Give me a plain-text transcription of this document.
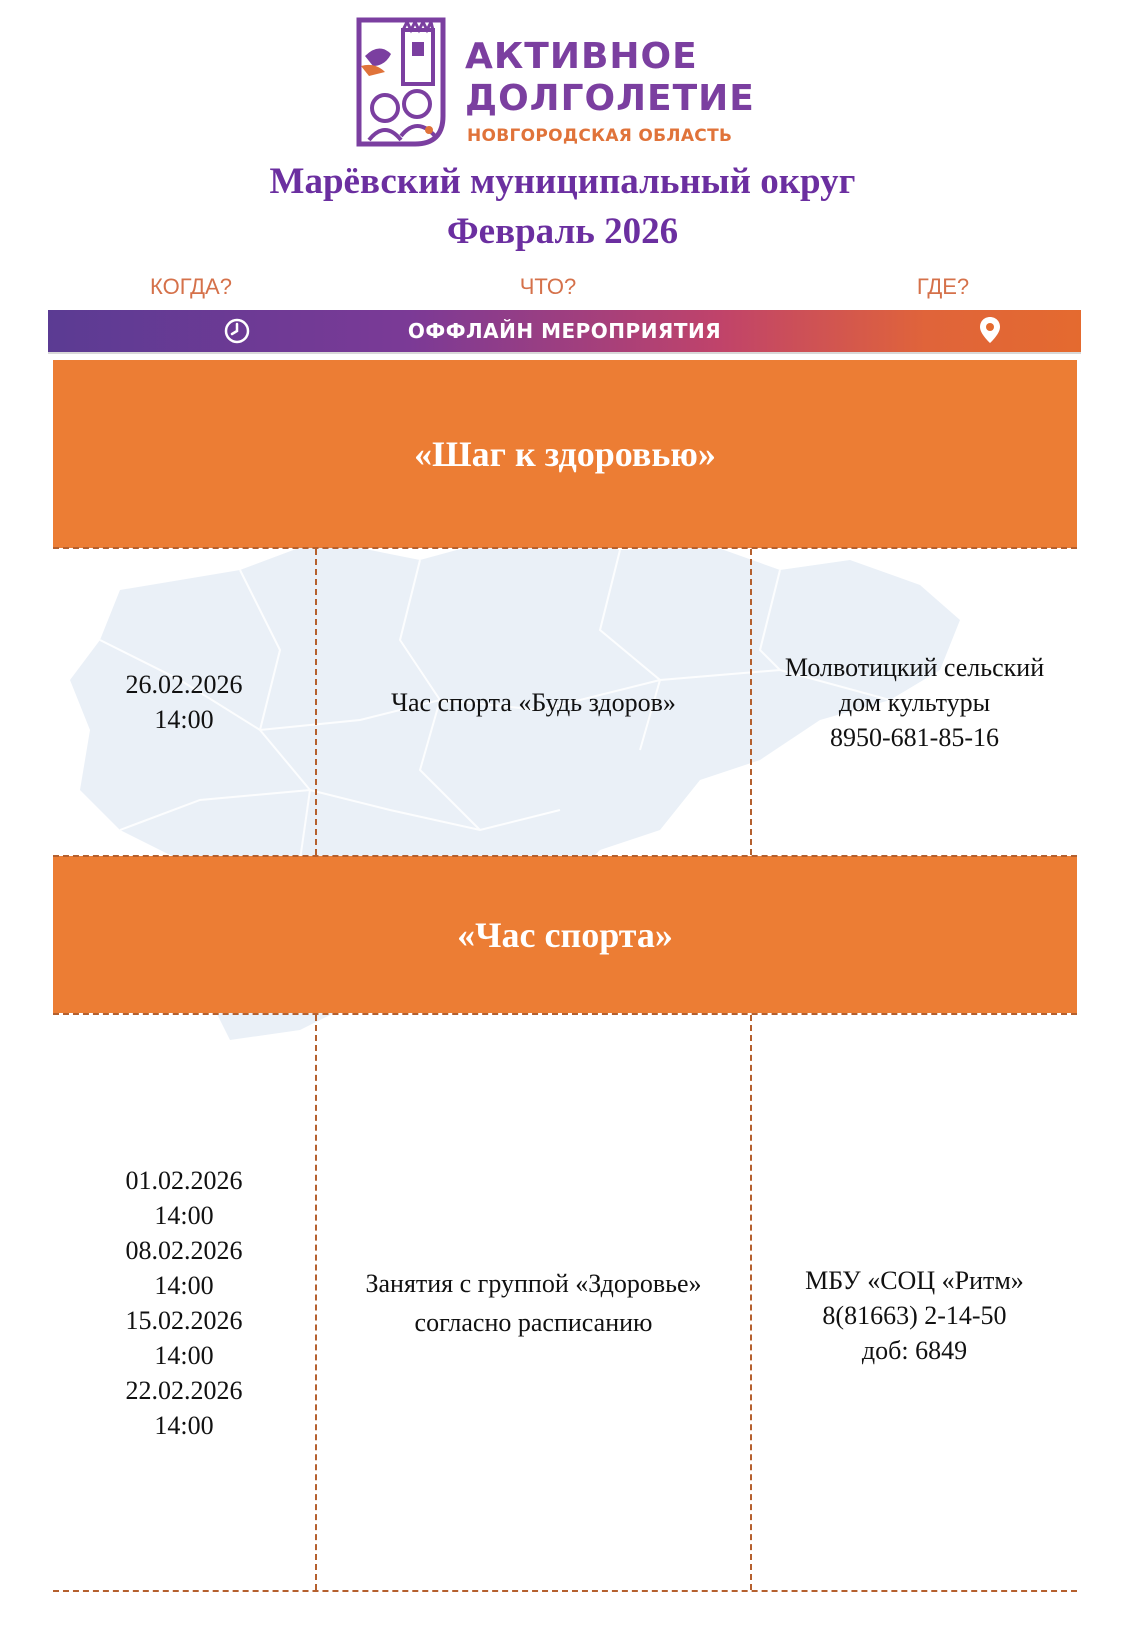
АКТИВНОЕ
ДОЛГОЛЕТИЕ
НОВГОРОДСКАЯ ОБЛАСТЬ
Марёвский муниципальный округ
Февраль 2026
КОГДА?	ЧТО?	ГДЕ?
ОФФЛАЙН МЕРОПРИЯТИЯ
«Шаг к здоровью»
26.02.2026
14:00
Час спорта «Будь здоров»
Молвотицкий сельский
дом культуры
8950-681-85-16
«Час спорта»
01.02.2026
14:00
08.02.2026
14:00
15.02.2026
14:00
22.02.2026
14:00
Занятия с группой «Здоровье»
согласно расписанию
МБУ «СОЦ «Ритм»
8(81663) 2-14-50
доб: 6849
